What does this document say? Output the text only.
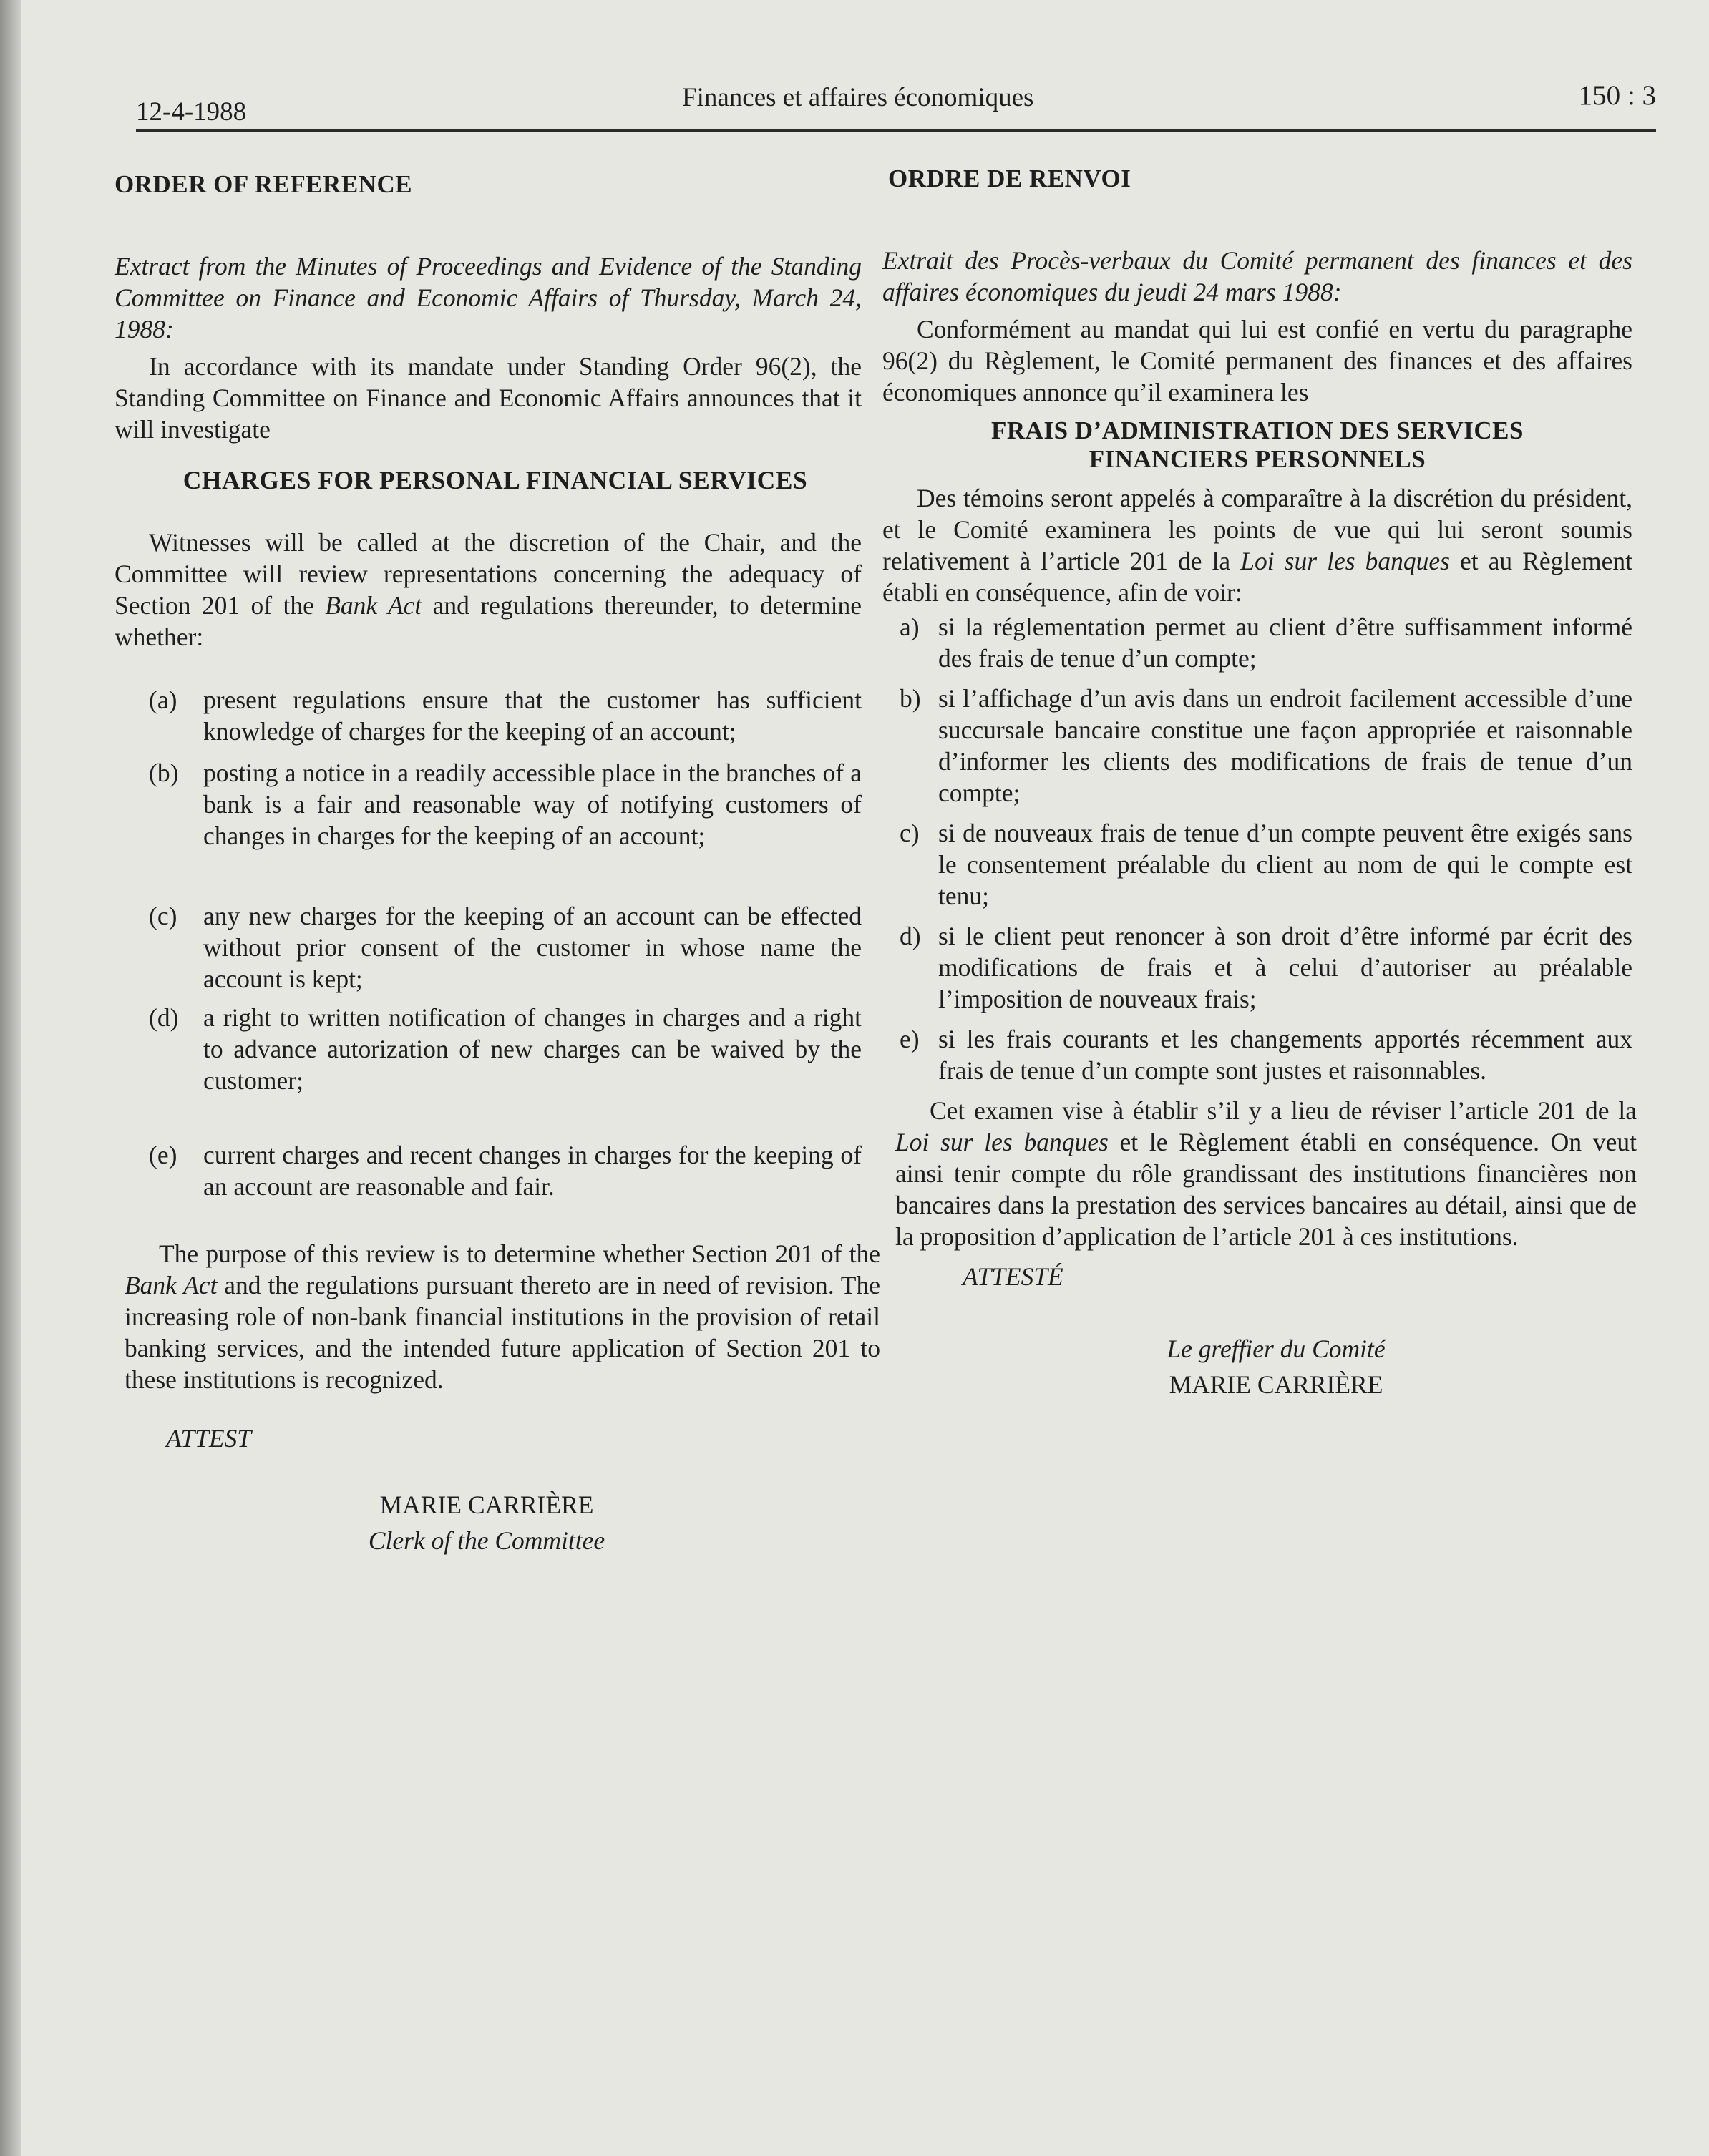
12-4-1988	Finances et affaires économiques	150 : 3

ORDER OF REFERENCE

Extract from the Minutes of Proceedings and Evidence of the Standing Committee on Finance and Economic Affairs of Thursday, March 24, 1988:

In accordance with its mandate under Standing Order 96(2), the Standing Committee on Finance and Economic Affairs announces that it will investigate

CHARGES FOR PERSONAL FINANCIAL SERVICES

Witnesses will be called at the discretion of the Chair, and the Committee will review representations concerning the adequacy of Section 201 of the Bank Act and regulations thereunder, to determine whether:

(a)	present regulations ensure that the customer has sufficient knowledge of charges for the keeping of an account;
(b) posting a notice in a readily accessible place in the branches of a bank is a fair and reasonable way of notifying customers of changes in charges for the keeping of an account;
(c)	any new charges for the keeping of an account can be effected without prior consent of the customer in whose name the account is kept;
(d) a right to written notification of changes in charges and a right to advance autorization of new charges can be waived by the customer;
(e)	current charges and recent changes in charges for the keeping of an account are reasonable and fair.

The purpose of this review is to determine whether Section 201 of the Bank Act and the regulations pursuant thereto are in need of revision. The increasing role of non-bank financial institutions in the provision of retail banking services, and the intended future application of Section 201 to these institutions is recognized.

ATTEST

MARIE CARRIÈRE

Clerk of the Committee

ORDRE DE RENVOI

Extrait des Procès-verbaux du Comité permanent des finances et des affaires économiques du jeudi 24 mars 1988:

Conformément au mandat qui lui est confié en vertu du paragraphe 96(2) du Règlement, le Comité permanent des finances et des affaires économiques annonce qu’il examinera les

FRAIS D’ADMINISTRATION DES SERVICES

FINANCIERS PERSONNELS

Des témoins seront appelés à comparaître à la discrétion du président, et le Comité examinera les points de vue qui lui seront soumis relativement à l’article 201 de la Loi sur les banques et au Règlement établi en conséquence, afin de voir:

a) si la réglementation permet au client d’être suffisamment informé des frais de tenue d’un compte;
b) si l’affichage d’un avis dans un endroit facilement accessible d’une succursale bancaire constitue une façon appropriée et raisonnable d’informer les clients des modifications de frais de tenue d’un compte;
c) si de nouveaux frais de tenue d’un compte peuvent être exigés sans le consentement préalable du client au nom de qui le compte est tenu;
d) si le client peut renoncer à son droit d’être informé par écrit des modifications de frais et à celui d’autoriser au préalable l’imposition de nouveaux frais;
e) si les frais courants et les changements apportés récemment aux frais de tenue d’un compte sont justes et raisonnables.

Cet examen vise à établir s’il y a lieu de réviser l’article 201 de la Loi sur les banques et le Règlement établi en conséquence. On veut ainsi tenir compte du rôle grandissant des institutions financières non bancaires dans la prestation des services bancaires au détail, ainsi que de la proposition d’application de l’article 201 à ces institutions.

ATTESTÉ

Le greffier du Comité

MARIE CARRIÈRE
